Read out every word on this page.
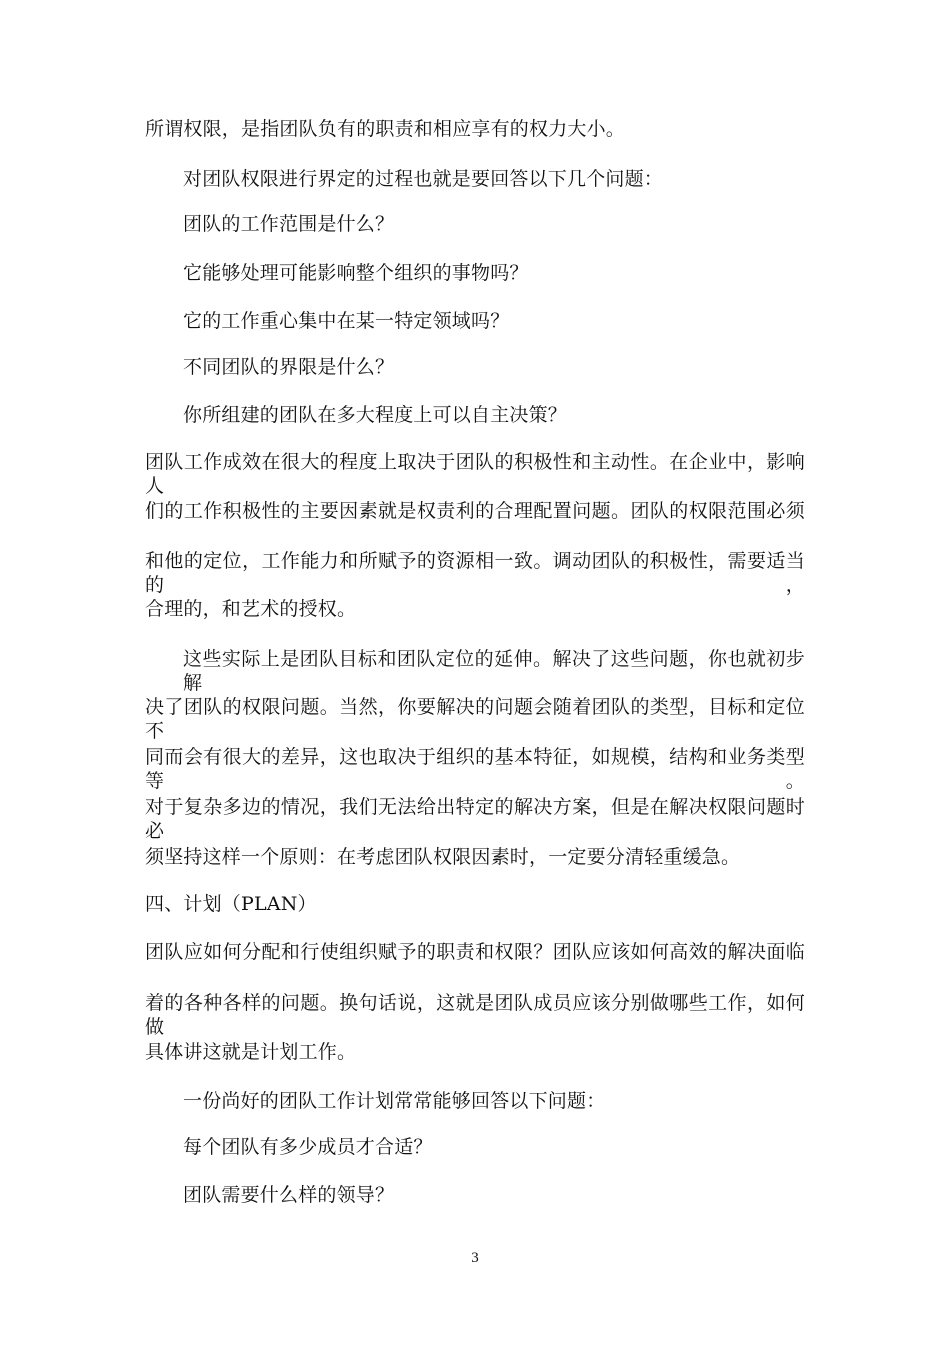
所谓权限，是指团队负有的职责和相应享有的权力大小。
对团队权限进行界定的过程也就是要回答以下几个问题：
团队的工作范围是什么？
它能够处理可能影响整个组织的事物吗？
它的工作重心集中在某一特定领域吗？
不同团队的界限是什么？
你所组建的团队在多大程度上可以自主决策？
团队工作成效在很大的程度上取决于团队的积极性和主动性。在企业中，影响人
们的工作积极性的主要因素就是权责利的合理配置问题。团队的权限范围必须
和他的定位，工作能力和所赋予的资源相一致。调动团队的积极性，需要适当的，
合理的，和艺术的授权。
这些实际上是团队目标和团队定位的延伸。解决了这些问题，你也就初步解
决了团队的权限问题。当然，你要解决的问题会随着团队的类型，目标和定位不
同而会有很大的差异，这也取决于组织的基本特征，如规模，结构和业务类型等。
对于复杂多边的情况，我们无法给出特定的解决方案，但是在解决权限问题时必
须坚持这样一个原则：在考虑团队权限因素时，一定要分清轻重缓急。
四、计划（PLAN）
团队应如何分配和行使组织赋予的职责和权限？团队应该如何高效的解决面临
着的各种各样的问题。换句话说，这就是团队成员应该分别做哪些工作，如何做
具体讲这就是计划工作。
一份尚好的团队工作计划常常能够回答以下问题：
每个团队有多少成员才合适？
团队需要什么样的领导？
3
